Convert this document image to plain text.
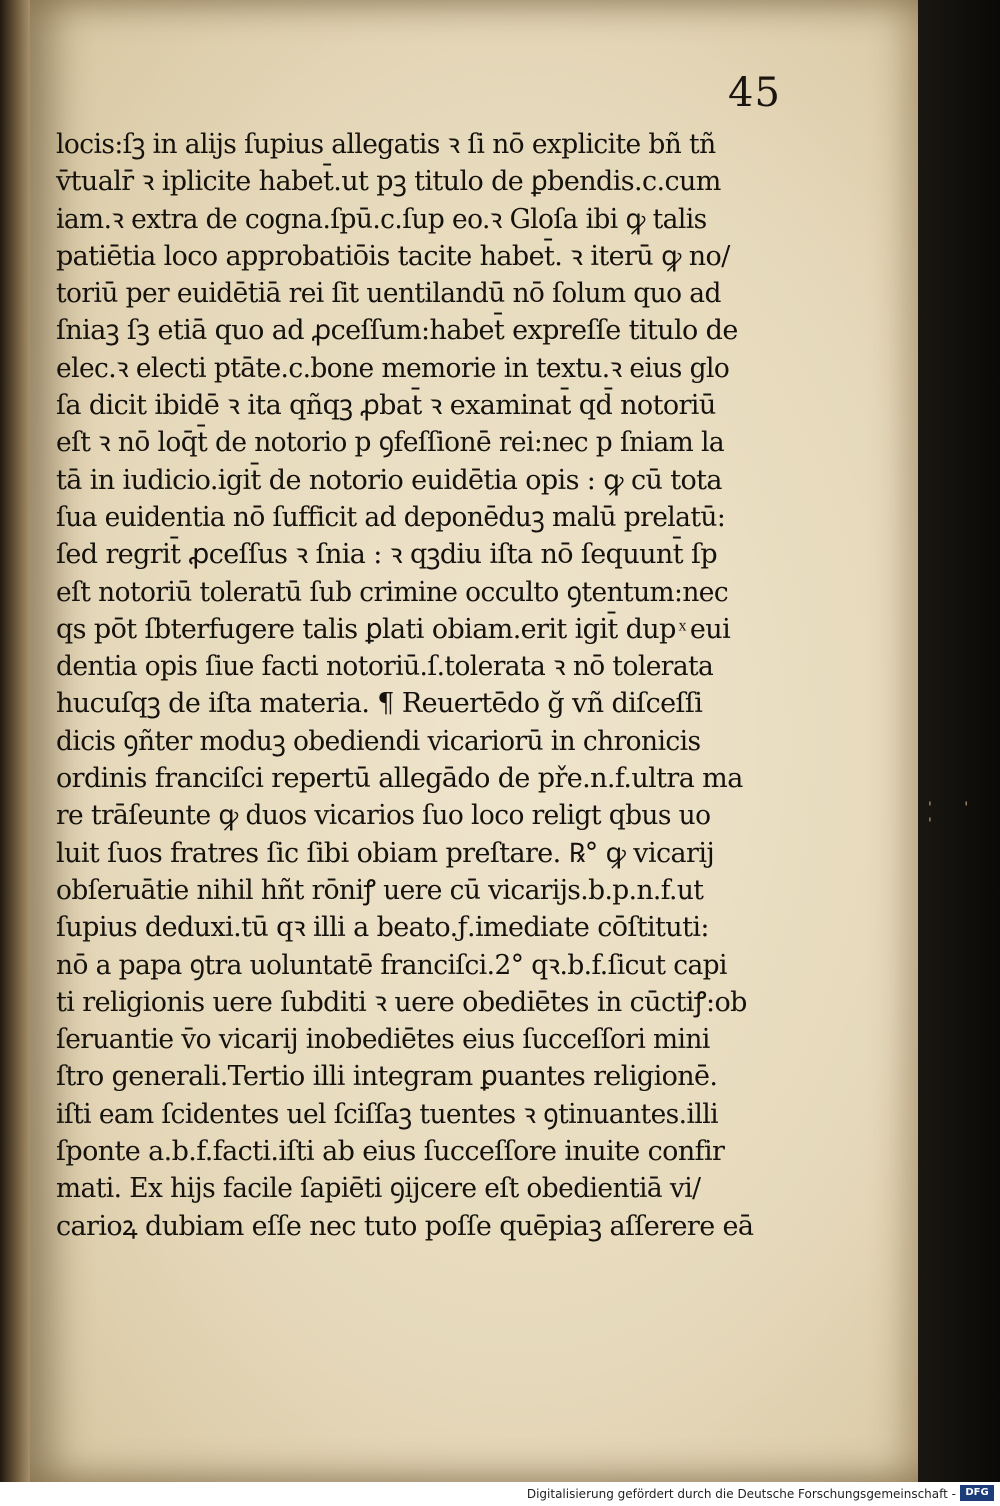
' ' '
45
locis:ſꝫ in alijs ſupius allegatis ꝛ ſi nō explicite bñ tñ
v̄tualr̄ ꝛ iplicite habet̄.ut pꝫ titulo de ꝑbendis.c.cum
iam.ꝛ extra de cogna.ſpū.c.ſup eo.ꝛ Gloſa ibi ꝙ talis
patiētia loco approbatiōis tacite habet̄. ꝛ iterū ꝙ no/
toriū per euidētiā rei ſit uentilandū nō ſolum quo ad
ſniaꝫ ſꝫ etiā quo ad ꝓceſſum:habet̄ expreſſe titulo de
elec.ꝛ electi ptāte.c.bone memorie in textu.ꝛ eius glo
ſa dicit ibidē ꝛ ita qñqꝫ ꝓbat̄ ꝛ examinat̄ qd̄ notoriū
eſt ꝛ nō loq̄t̄ de notorio p ꝯfeſſionē rei:nec p ſniam la
tā in iudicio.igit̄ de notorio euidētia opis : ꝙ cū tota
ſua euidentia nō ſufficit ad deponēduꝫ malū prelatū:
ſed regrit̄ ꝓceſſus ꝛ ſnia : ꝛ qꝫdiu iſta nō ſequunt̄ ſp
eſt notoriū toleratū ſub crimine occulto ꝯtentum:nec
qs pōt ſbterfugere talis ꝑlati obiam.erit igit̄ dup ͯ eui
dentia opis ſiue facti notoriū.ſ.tolerata ꝛ nō tolerata
hucuſqꝫ de iſta materia. ¶ Reuertēdo ğ vñ diſceſſi
dicis ꝯñter moduꝫ obediendi vicariorū in chronicis
ordinis franciſci repertū allegādo de pře.n.f.ultra ma
re trāſeunte ꝙ duos vicarios ſuo loco religt qbus uo
luit ſuos fratres ſic ſibi obiam preſtare. ℞° ꝙ vicarij
obſeruātie nihil hñt rōniꝭ uere cū vicarijs.b.p.n.f.ut
ſupius deduxi.tū qꝛ illi a beato.ƒ.imediate cōſtituti:
nō a papa ꝯtra uoluntatē franciſci.2° qꝛ.b.f.ſicut capi
ti religionis uere ſubditi ꝛ uere obediētes in cūctiꝭ:ob
ſeruantie v̄o vicarij inobediētes eius ſucceſſori mini
ſtro generali.Tertio illi integram ꝑuantes religionē.
iſti eam ſcidentes uel ſciſſaꝫ tuentes ꝛ ꝯtinuantes.illi
ſponte a.b.f.facti.iſti ab eius ſucceſſore inuite confir
mati. Ex hijs facile ſapiēti ꝯijcere eſt obedientiā vi/
carioꝝ dubiam eſſe nec tuto poſſe quēpiaꝫ aſſerere eā
Digitalisierung gefördert durch die Deutsche Forschungsgemeinschaft - DFG
